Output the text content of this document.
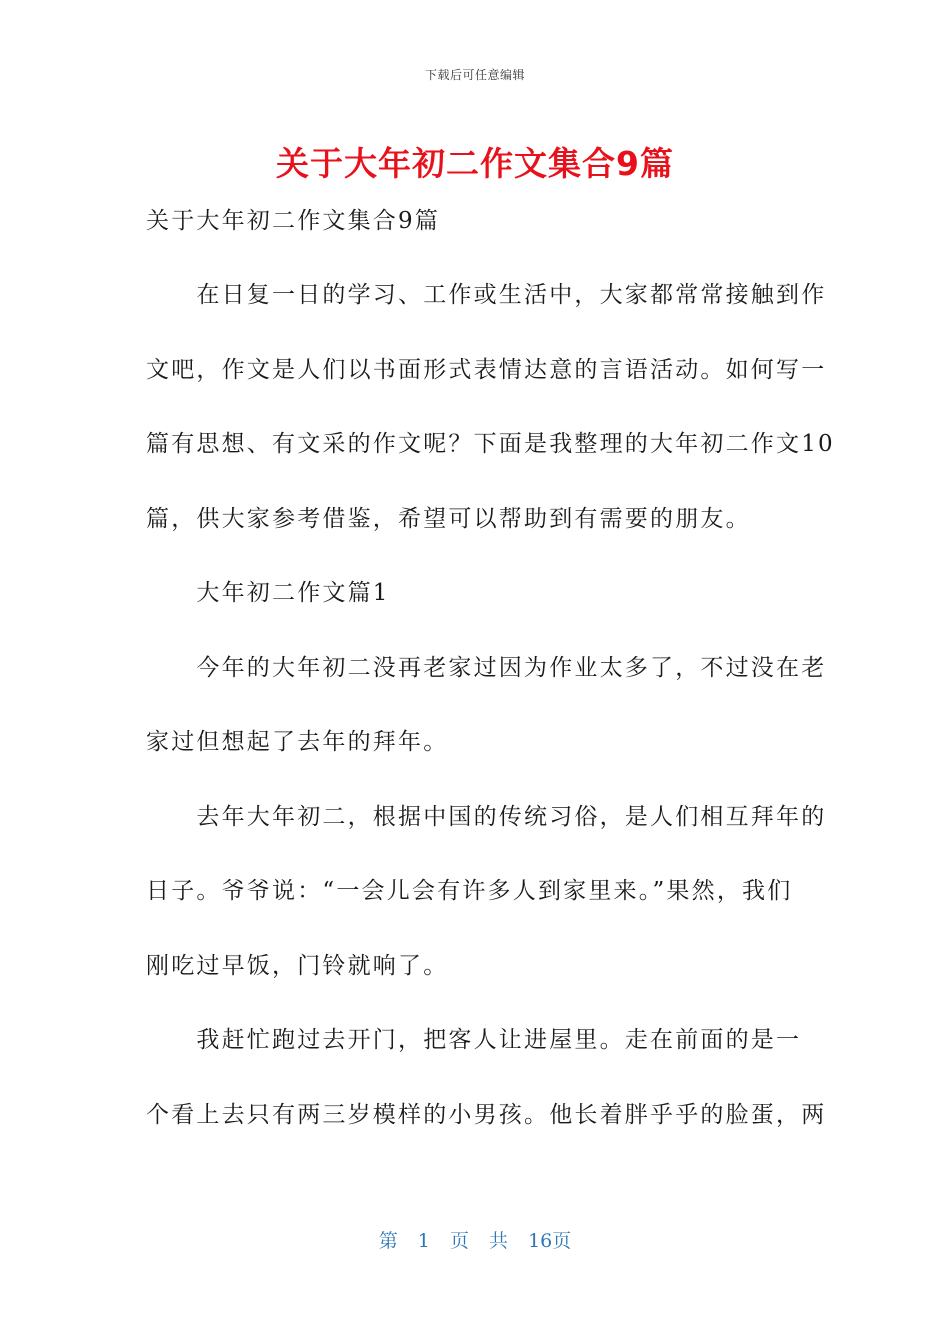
下载后可任意编辑
关于大年初二作文集合9篇
关于大年初二作文集合9篇
　　在日复一日的学习、工作或生活中，大家都常常接触到作
文吧，作文是人们以书面形式表情达意的言语活动。如何写一
篇有思想、有文采的作文呢？下面是我整理的大年初二作文10
篇，供大家参考借鉴，希望可以帮助到有需要的朋友。
　　大年初二作文篇1
　　今年的大年初二没再老家过因为作业太多了，不过没在老
家过但想起了去年的拜年。
　　去年大年初二，根据中国的传统习俗，是人们相互拜年的
日子。爷爷说：“一会儿会有许多人到家里来。”果然，我们
刚吃过早饭，门铃就响了。
　　我赶忙跑过去开门，把客人让进屋里。走在前面的是一
个看上去只有两三岁模样的小男孩。他长着胖乎乎的脸蛋，两
第 1 页 共 16页
